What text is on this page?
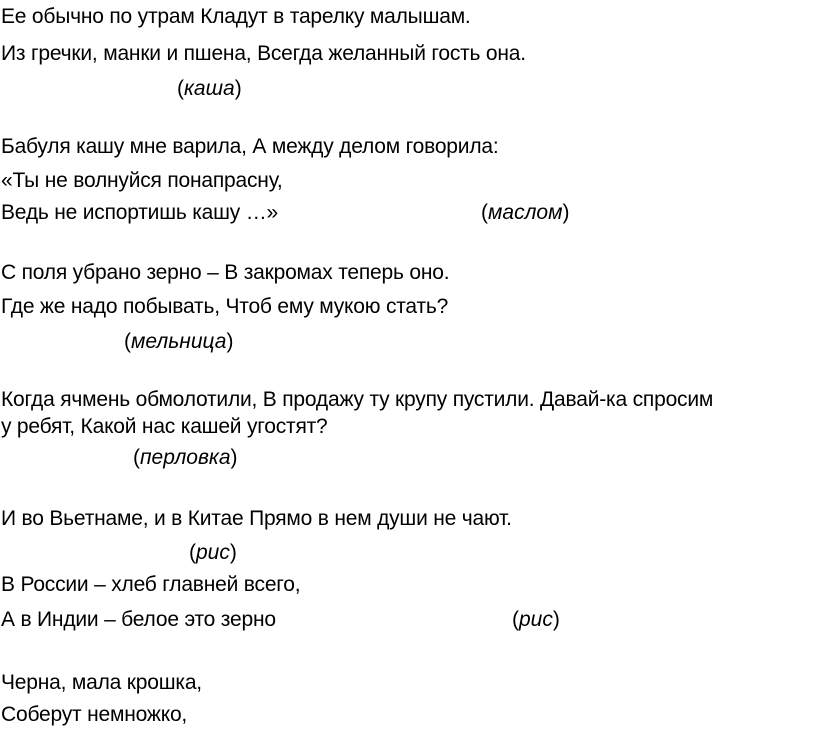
Ее обычно по утрам Кладут в тарелку малышам.
Из гречки, манки и пшена, Всегда желанный гость она.
(каша)
Бабуля кашу мне варила, А между делом говорила:
«Ты не волнуйся понапрасну,
Ведь не испортишь кашу …»	(маслом)
С поля убрано зерно – В закромах теперь оно.
Где же надо побывать, Чтоб ему мукою стать?
(мельница)
Когда ячмень обмолотили, В продажу ту крупу пустили. Давай-ка спросим
у ребят, Какой нас кашей угостят?
(перловка)
И во Вьетнаме, и в Китае Прямо в нем души не чают.
(рис)
В России – хлеб главней всего,
А в Индии – белое это зерно	(рис)
Черна, мала крошка,
Соберут немножко,
